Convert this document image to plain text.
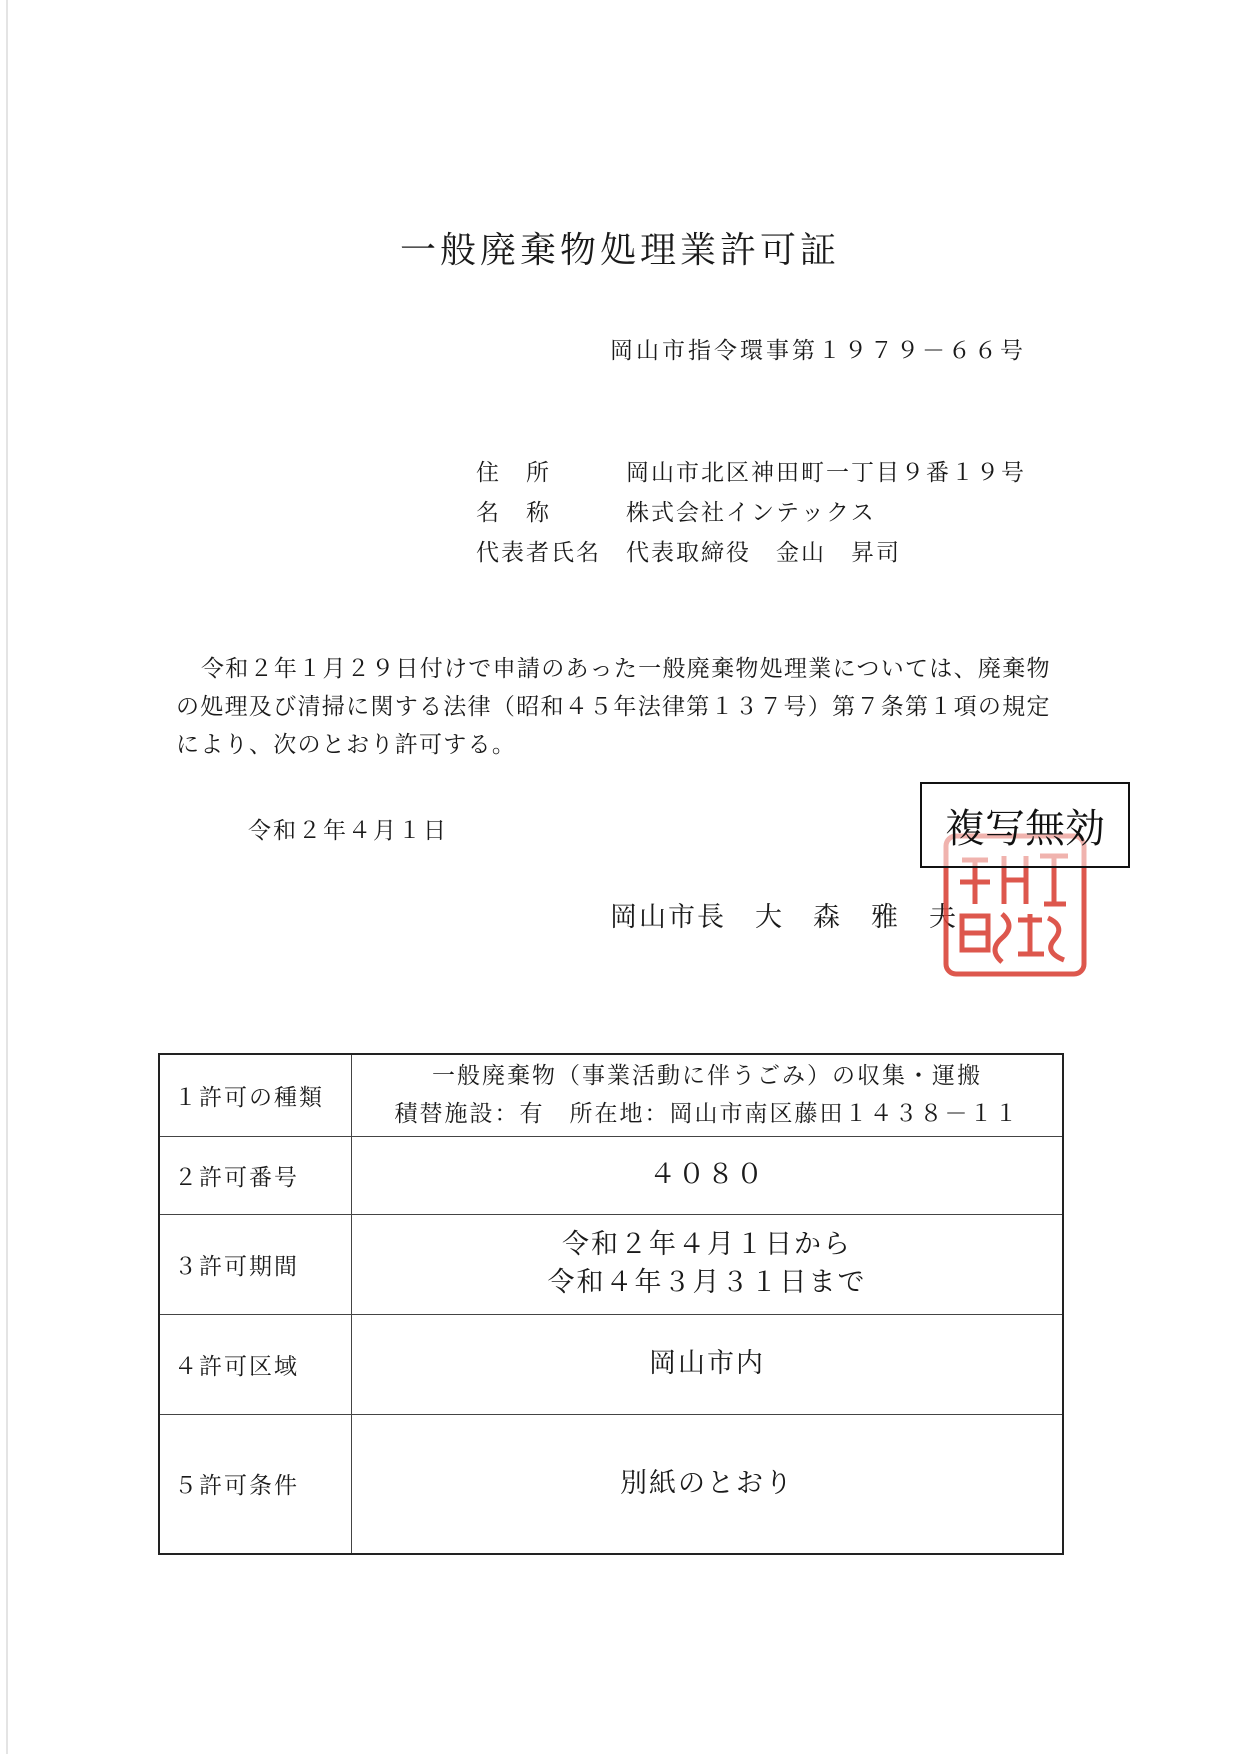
一般廃棄物処理業許可証
岡山市指令環事第１９７９－６６号
住　所	岡山市北区神田町一丁目９番１９号
名　称	株式会社インテックス
代表者氏名	代表取締役　金山　昇司
令和２年１月２９日付けで申請のあった一般廃棄物処理業については、廃棄物の処理及び清掃に関する法律（昭和４５年法律第１３７号）第７条第１項の規定により、次のとおり許可する。
令和２年４月１日
岡山市長　大　森　雅　夫
複写無効
１許可の種類	一般廃棄物（事業活動に伴うごみ）の収集・運搬
積替施設：有　所在地：岡山市南区藤田１４３８－１１

２許可番号	４０８０
３許可期間	令和２年４月１日から
令和４年３月３１日まで

４許可区域	岡山市内
５許可条件	別紙のとおり
